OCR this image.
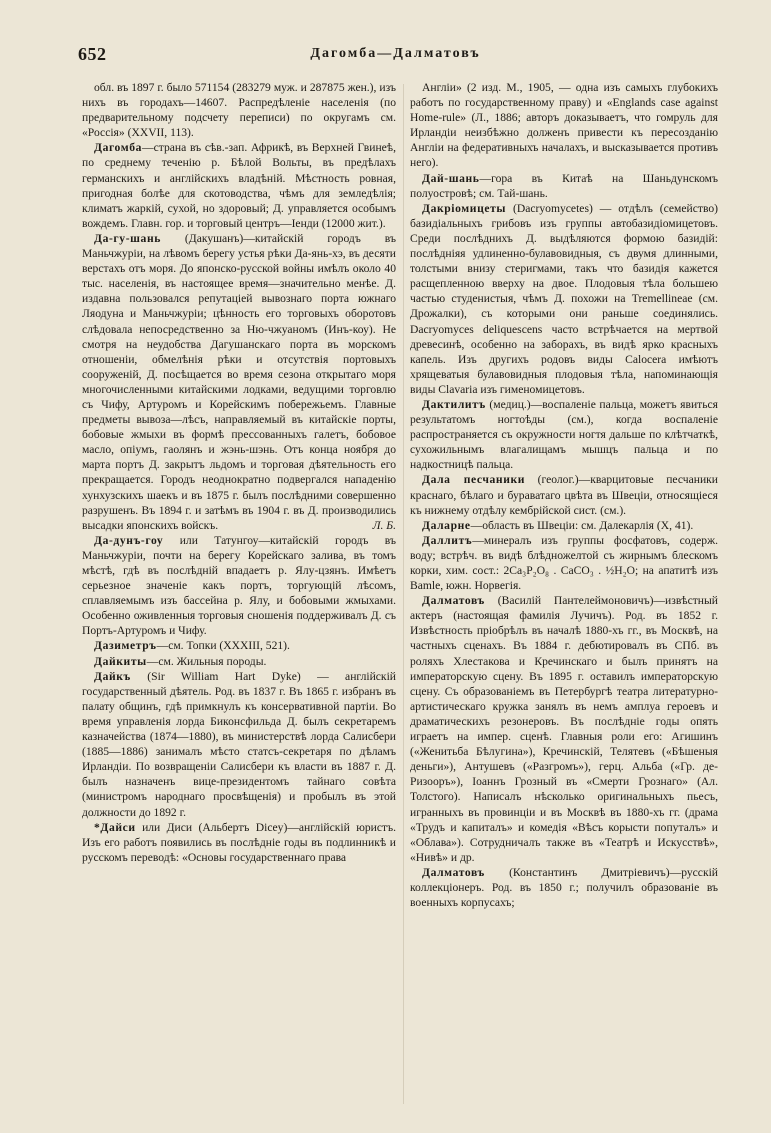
652	Дагомба—Далматовъ

обл. въ 1897 г. было 571154 (283279 муж. и 287875 жен.), изъ нихъ въ городахъ—14607. Распредѣленіе населенія (по предварительному подсчету переписи) по округамъ см. «Россія» (XXVII, 113).

Дагомба—страна въ сѣв.-зап. Африкѣ, въ Верхней Гвинеѣ, по среднему теченію р. Бѣлой Вольты, въ предѣлахъ германскихъ и англійскихъ владѣній. Мѣстность ровная, пригодная болѣе для скотоводства, чѣмъ для земледѣлія; климатъ жаркій, сухой, но здоровый; Д. управляется особымъ вождемъ. Главн. гор. и торговый центръ—Іенди (12000 жит.).

Да-гу-шань (Дакушанъ)—китайскій городъ въ Маньчжуріи, на лѣвомъ берегу устья рѣки Да-янь-хэ, въ десяти верстахъ отъ моря. До японско-русской войны имѣлъ около 40 тыс. населенія, въ настоящее время—значительно менѣе. Д. издавна пользовался репутаціей вывознаго порта южнаго Ляодуна и Маньчжуріи; цѣнность его торговыхъ оборотовъ слѣдовала непосредственно за Ню-чжуаномъ (Инъ-коу). Не смотря на неудобства Дагушанскаго порта въ морскомъ отношеніи, обмелѣнія рѣки и отсутствія портовыхъ сооруженій, Д. посѣщается во время сезона открытаго моря многочисленными китайскими лодками, ведущими торговлю съ Чифу, Артуромъ и Корейскимъ побережьемъ. Главные предметы вывоза—лѣсъ, направляемый въ китайскіе порты, бобовые жмыхи въ формѣ прессованныхъ галетъ, бобовое масло, опіумъ, гаолянъ и жэнь-шэнь. Отъ конца ноября до марта портъ Д. закрытъ льдомъ и торговая дѣятельность его прекращается. Городъ неоднократно подвергался нападенію хунхузскихъ шаекъ и въ 1875 г. былъ послѣдними совершенно разрушенъ. Въ 1894 г. и затѣмъ въ 1904 г. въ Д. производились высадки японскихъ войскъ.	Л. Б.

Да-дунъ-гоу или Татунгоу—китайскій городъ въ Маньчжуріи, почти на берегу Корейскаго залива, въ томъ мѣстѣ, гдѣ въ послѣдній впадаетъ р. Ялу-цзянъ. Имѣетъ серьезное значеніе какъ портъ, торгующій лѣсомъ, сплавляемымъ изъ бассейна р. Ялу, и бобовыми жмыхами. Особенно оживленныя торговыя сношенія поддерживалъ Д. съ Портъ-Артуромъ и Чифу.

Дазиметръ—см. Топки (XXXIII, 521).

Дайкиты—см. Жильныя породы.

Дайкъ (Sir William Hart Dyke) — англійскій государственный дѣятель. Род. въ 1837 г. Въ 1865 г. избранъ въ палату общинъ, гдѣ примкнулъ къ консервативной партіи. Во время управленія лорда Биконсфильда Д. былъ секретаремъ казначейства (1874—1880), въ министерствѣ лорда Салисбери (1885—1886) занималъ мѣсто статсъ-секретаря по дѣламъ Ирландіи. По возвращеніи Салисбери къ власти въ 1887 г. Д. былъ назначенъ вице-президентомъ тайнаго совѣта (министромъ народнаго просвѣщенія) и пробылъ въ этой должности до 1892 г.

*Дайси или Диси (Альбертъ Dicey)—англійскій юристъ. Изъ его работъ появились въ послѣдніе годы въ подлинникѣ и русскомъ переводѣ: «Основы государственнаго права

Англіи» (2 изд. М., 1905, — одна изъ самыхъ глубокихъ работъ по государственному праву) и «Englands case against Home-rule» (Л., 1886; авторъ доказываетъ, что гомруль для Ирландіи неизбѣжно долженъ привести къ пересозданію Англіи на федеративныхъ началахъ, и высказывается противъ него).

Дай-шань—гора въ Китаѣ на Шаньдунскомъ полуостровѣ; см. Тай-шань.

Дакріомицеты (Dacryomycetes) — отдѣлъ (семейство) базидіальныхъ грибовъ изъ группы автобазидіомицетовъ. Среди послѣднихъ Д. выдѣляются формою базидій: послѣдніяя удлиненно-булавовидныя, съ двумя длинными, толстыми внизу стеригмами, такъ что базидія кажется расщепленною вверху на двое. Плодовыя тѣла большею частью студенистыя, чѣмъ Д. похожи на Tremellineae (см. Дрожалки), съ которыми они раньше соединялись. Dacryomyces deliquescens часто встрѣчается на мертвой древесинѣ, особенно на заборахъ, въ видѣ ярко красныхъ капель. Изъ другихъ родовъ виды Calocera имѣютъ хрящеватыя булавовидныя плодовыя тѣла, напоминающія виды Clavaria изъ гименомицетовъ.

Дактилитъ (медиц.)—воспаленіе пальца, можетъ явиться результатомъ ногтоѣды (см.), когда воспаленіе распространяется съ окружности ногтя дальше по клѣтчаткѣ, сухожильнымъ влагалищамъ мышцъ пальца и по надкостницѣ пальца.

Дала песчаники (геолог.)—кварцитовые песчаники краснаго, бѣлаго и бураватаго цвѣта въ Швеціи, относящіеся къ нижнему отдѣлу кембрійской сист. (см.).

Даларне—область въ Швеціи: см. Далекарлія (X, 41).

Даллитъ—минералъ изъ группы фосфатовъ, содерж. воду; встрѣч. въ видѣ блѣдножелтой съ жирнымъ блескомъ корки, хим. сост.: 2Ca₃P₂O₈ . CaCO₃ . ½H₂O; на апатитѣ изъ Bamle, южн. Норвегія.

Далматовъ (Василій Пантелеймоновичъ)—извѣстный актеръ (настоящая фамилія Лучичъ). Род. въ 1852 г. Извѣстность пріобрѣлъ въ началѣ 1880-хъ гг., въ Москвѣ, на частныхъ сценахъ. Въ 1884 г. дебютировалъ въ СПб. въ роляхъ Хлестакова и Кречинскаго и былъ принятъ на императорскую сцену. Въ 1895 г. оставилъ императорскую сцену. Съ образованіемъ въ Петербургѣ театра литературно-артистическаго кружка занялъ въ немъ амплуа героевъ и драматическихъ резонеровъ. Въ послѣдніе годы опять играетъ на импер. сценѣ. Главныя роли его: Агишинъ («Женитьба Бѣлугина»), Кречинскій, Телятевъ («Бѣшеныя деньги»), Антушевъ («Разгромъ»), герц. Альба («Гр. де-Ризооръ»), Іоаннъ Грозный въ «Смерти Грознаго» (Ал. Толстого). Написалъ нѣсколько оригинальныхъ пьесъ, игранныхъ въ провинціи и въ Москвѣ въ 1880-хъ гг. (драма «Трудъ и капиталъ» и комедія «Вѣсъ корысти попуталъ» и «Облава»). Сотрудничалъ также въ «Театрѣ и Искусствѣ», «Нивѣ» и др.

Далматовъ (Константинъ Дмитріевичъ)—русскій коллекціонеръ. Род. въ 1850 г.; получилъ образованіе въ военныхъ корпусахъ;
